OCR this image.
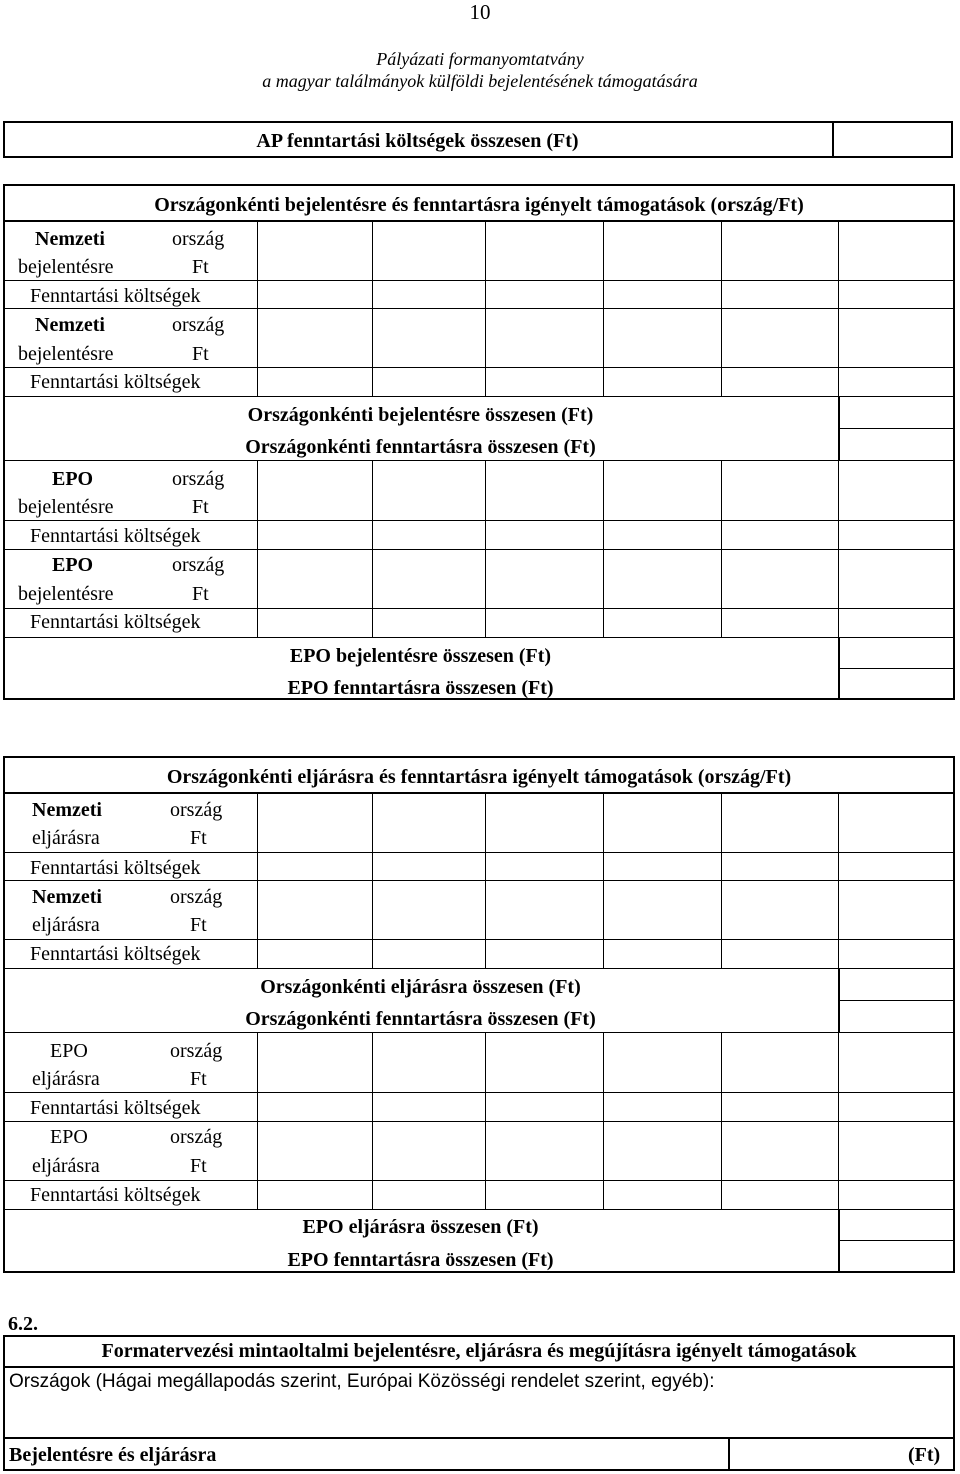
10
Pályázati formanyomtatvány
a magyar találmányok külföldi bejelentésének támogatására
AP fenntartási költségek összesen (Ft)
Országonkénti bejelentésre és fenntartásra igényelt támogatások (ország/Ft)
Nemzeti
bejelentésre
ország
Ft
Fenntartási költségek
Nemzeti
bejelentésre
ország
Ft
Fenntartási költségek
Országonkénti bejelentésre összesen (Ft)
Országonkénti fenntartásra összesen (Ft)
EPO
bejelentésre
ország
Ft
Fenntartási költségek
EPO
bejelentésre
ország
Ft
Fenntartási költségek
EPO bejelentésre összesen (Ft)
EPO fenntartásra összesen (Ft)
Országonkénti eljárásra és fenntartásra igényelt támogatások (ország/Ft)
Nemzeti
eljárásra
ország
Ft
Fenntartási költségek
Nemzeti
eljárásra
ország
Ft
Fenntartási költségek
Országonkénti eljárásra összesen (Ft)
Országonkénti fenntartásra összesen (Ft)
EPO
eljárásra
ország
Ft
Fenntartási költségek
EPO
eljárásra
ország
Ft
Fenntartási költségek
EPO eljárásra összesen (Ft)
EPO fenntartásra összesen (Ft)
6.2.
Formatervezési mintaoltalmi bejelentésre, eljárásra és megújításra igényelt támogatások
Országok (Hágai megállapodás szerint, Európai Közösségi rendelet szerint, egyéb):
Bejelentésre és eljárásra	(Ft)
